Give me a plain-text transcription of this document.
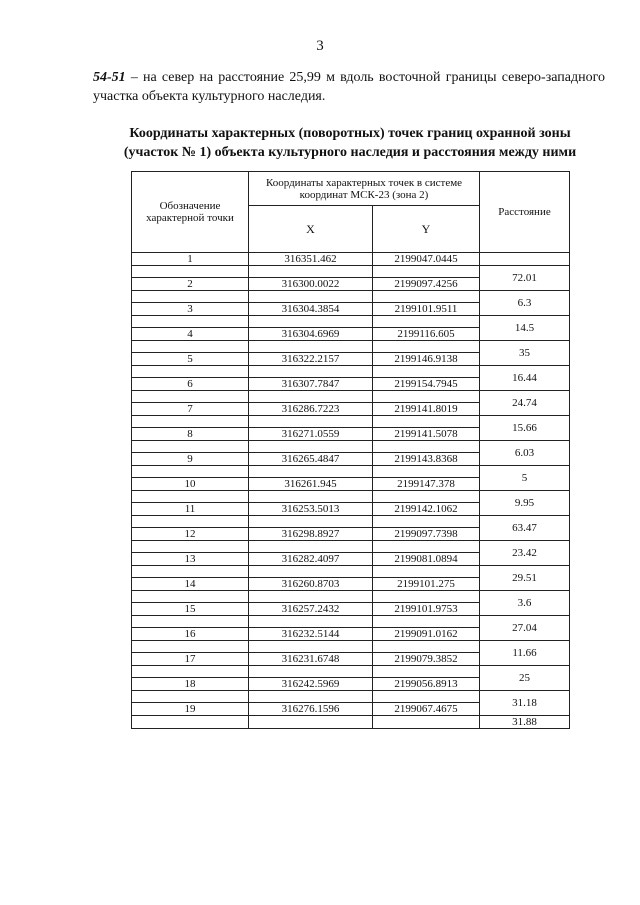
3
54-51 – на север на расстояние 25,99 м вдоль восточной границы северо-западного участка объекта культурного наследия.
Координаты характерных (поворотных) точек границ охранной зоны
(участок № 1) объекта культурного наследия и расстояния между ними
Обозначение характерной точки	Координаты характерных точек в системе координат МСК-23 (зона 2)		Расстояние
	X	Y	
1	316351.462	2199047.0445	
			72.01
2	316300.0022	2199097.4256	
			6.3
3	316304.3854	2199101.9511	
			14.5
4	316304.6969	2199116.605	
			35
5	316322.2157	2199146.9138	
			16.44
6	316307.7847	2199154.7945	
			24.74
7	316286.7223	2199141.8019	
			15.66
8	316271.0559	2199141.5078	
			6.03
9	316265.4847	2199143.8368	
			5
10	316261.945	2199147.378	
			9.95
11	316253.5013	2199142.1062	
			63.47
12	316298.8927	2199097.7398	
			23.42
13	316282.4097	2199081.0894	
			29.51
14	316260.8703	2199101.275	
			3.6
15	316257.2432	2199101.9753	
			27.04
16	316232.5144	2199091.0162	
			11.66
17	316231.6748	2199079.3852	
			25
18	316242.5969	2199056.8913	
			31.18
19	316276.1596	2199067.4675	
			31.88
